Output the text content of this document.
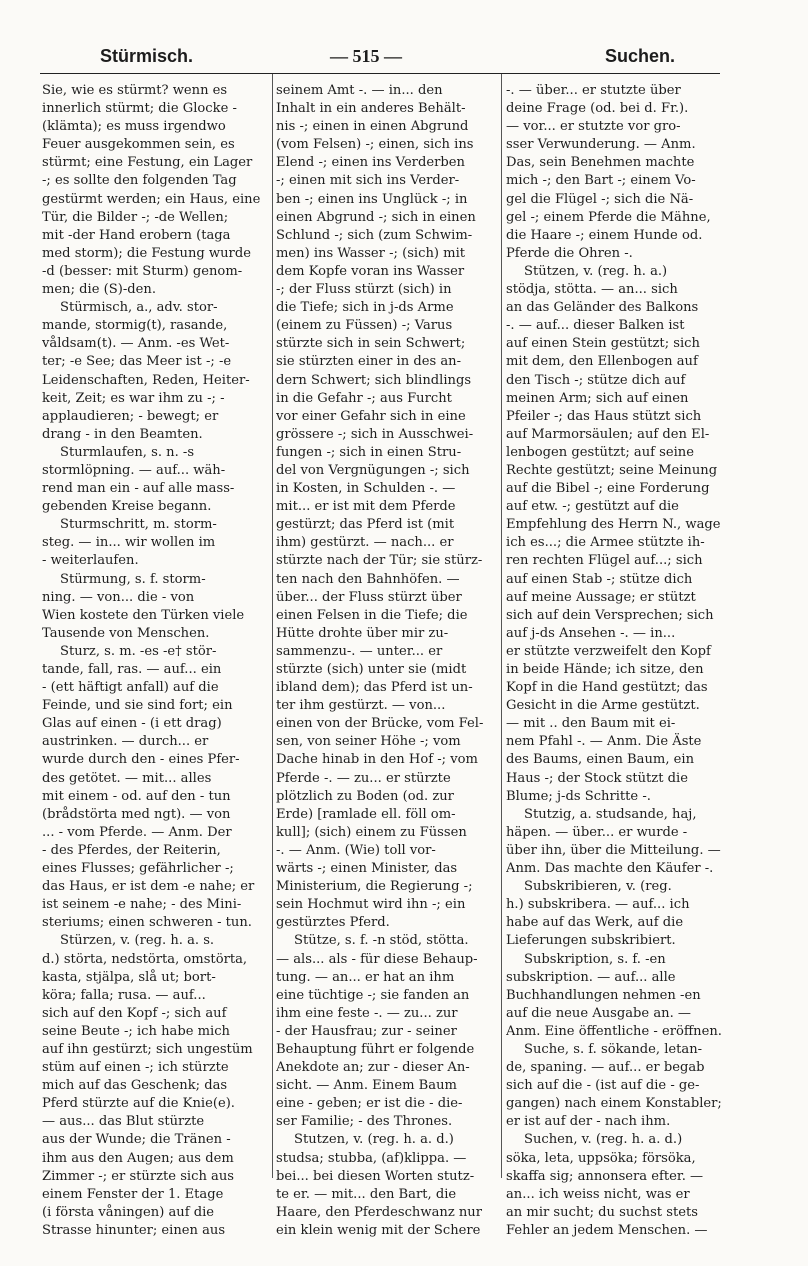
Stürmisch.	— 515 —	Suchen.
Sie, wie es stürmt? wenn es
innerlich stürmt; die Glocke -
(klämta); es muss irgendwo
Feuer ausgekommen sein, es
stürmt; eine Festung, ein Lager
-; es sollte den folgenden Tag
gestürmt werden; ein Haus, eine
Tür, die Bilder -; -de Wellen;
mit -der Hand erobern (taga
med storm); die Festung wurde
-d (besser: mit Sturm) genom-
men; die (S)-den.
Stürmisch, a., adv. stor-
mande, stormig(t), rasande,
våldsam(t). — Anm. -es Wet-
ter; -e See; das Meer ist -; -e
Leidenschaften, Reden, Heiter-
keit, Zeit; es war ihm zu -; -
applaudieren; - bewegt; er
drang - in den Beamten.
Sturmlaufen, s. n. -s
stormlöpning. — auf... wäh-
rend man ein - auf alle mass-
gebenden Kreise begann.
Sturmschritt, m. storm-
steg. — in... wir wollen im
- weiterlaufen.
Stürmung, s. f. storm-
ning. — von... die - von
Wien kostete den Türken viele
Tausende von Menschen.
Sturz, s. m. -es -e† stör-
tande, fall, ras. — auf... ein
- (ett häftigt anfall) auf die
Feinde, und sie sind fort; ein
Glas auf einen - (i ett drag)
austrinken. — durch... er
wurde durch den - eines Pfer-
des getötet. — mit... alles
mit einem - od. auf den - tun
(brådstörta med ngt). — von
... - vom Pferde. — Anm. Der
- des Pferdes, der Reiterin,
eines Flusses; gefährlicher -;
das Haus, er ist dem -e nahe; er
ist seinem -e nahe; - des Mini-
steriums; einen schweren - tun.
Stürzen, v. (reg. h. a. s.
d.) störta, nedstörta, omstörta,
kasta, stjälpa, slå ut; bort-
köra; falla; rusa. — auf...
sich auf den Kopf -; sich auf
seine Beute -; ich habe mich
auf ihn gestürzt; sich ungestüm
stüm auf einen -; ich stürzte
mich auf das Geschenk; das
Pferd stürzte auf die Knie(e).
— aus... das Blut stürzte
aus der Wunde; die Tränen -
ihm aus den Augen; aus dem
Zimmer -; er stürzte sich aus
einem Fenster der 1. Etage
(i första våningen) auf die
Strasse hinunter; einen aus
seinem Amt -. — in... den
Inhalt in ein anderes Behält-
nis -; einen in einen Abgrund
(vom Felsen) -; einen, sich ins
Elend -; einen ins Verderben
-; einen mit sich ins Verder-
ben -; einen ins Unglück -; in
einen Abgrund -; sich in einen
Schlund -; sich (zum Schwim-
men) ins Wasser -; (sich) mit
dem Kopfe voran ins Wasser
-; der Fluss stürzt (sich) in
die Tiefe; sich in j-ds Arme
(einem zu Füssen) -; Varus
stürzte sich in sein Schwert;
sie stürzten einer in des an-
dern Schwert; sich blindlings
in die Gefahr -; aus Furcht
vor einer Gefahr sich in eine
grössere -; sich in Ausschwei-
fungen -; sich in einen Stru-
del von Vergnügungen -; sich
in Kosten, in Schulden -. —
mit... er ist mit dem Pferde
gestürzt; das Pferd ist (mit
ihm) gestürzt. — nach... er
stürzte nach der Tür; sie stürz-
ten nach den Bahnhöfen. —
über... der Fluss stürzt über
einen Felsen in die Tiefe; die
Hütte drohte über mir zu-
sammenzu-. — unter... er
stürzte (sich) unter sie (midt
ibland dem); das Pferd ist un-
ter ihm gestürzt. — von...
einen von der Brücke, vom Fel-
sen, von seiner Höhe -; vom
Dache hinab in den Hof -; vom
Pferde -. — zu... er stürzte
plötzlich zu Boden (od. zur
Erde) [ramlade ell. föll om-
kull]; (sich) einem zu Füssen
-. — Anm. (Wie) toll vor-
wärts -; einen Minister, das
Ministerium, die Regierung -;
sein Hochmut wird ihn -; ein
gestürztes Pferd.
Stütze, s. f. -n stöd, stötta.
— als... als - für diese Behaup-
tung. — an... er hat an ihm
eine tüchtige -; sie fanden an
ihm eine feste -. — zu... zur
- der Hausfrau; zur - seiner
Behauptung führt er folgende
Anekdote an; zur - dieser An-
sicht. — Anm. Einem Baum
eine - geben; er ist die - die-
ser Familie; - des Thrones.
Stutzen, v. (reg. h. a. d.)
studsa; stubba, (af)klippa. —
bei... bei diesen Worten stutz-
te er. — mit... den Bart, die
Haare, den Pferdeschwanz nur
ein klein wenig mit der Schere
-. — über... er stutzte über
deine Frage (od. bei d. Fr.).
— vor... er stutzte vor gro-
sser Verwunderung. — Anm.
Das, sein Benehmen machte
mich -; den Bart -; einem Vo-
gel die Flügel -; sich die Nä-
gel -; einem Pferde die Mähne,
die Haare -; einem Hunde od.
Pferde die Ohren -.
Stützen, v. (reg. h. a.)
stödja, stötta. — an... sich
an das Geländer des Balkons
-. — auf... dieser Balken ist
auf einen Stein gestützt; sich
mit dem, den Ellenbogen auf
den Tisch -; stütze dich auf
meinen Arm; sich auf einen
Pfeiler -; das Haus stützt sich
auf Marmorsäulen; auf den El-
lenbogen gestützt; auf seine
Rechte gestützt; seine Meinung
auf die Bibel -; eine Forderung
auf etw. -; gestützt auf die
Empfehlung des Herrn N., wage
ich es...; die Armee stützte ih-
ren rechten Flügel auf...; sich
auf einen Stab -; stütze dich
auf meine Aussage; er stützt
sich auf dein Versprechen; sich
auf j-ds Ansehen -. — in...
er stützte verzweifelt den Kopf
in beide Hände; ich sitze, den
Kopf in die Hand gestützt; das
Gesicht in die Arme gestützt.
— mit .. den Baum mit ei-
nem Pfahl -. — Anm. Die Äste
des Baums, einen Baum, ein
Haus -; der Stock stützt die
Blume; j-ds Schritte -.
Stutzig, a. studsande, haj,
häpen. — über... er wurde -
über ihn, über die Mitteilung. —
Anm. Das machte den Käufer -.
Subskribieren, v. (reg.
h.) subskribera. — auf... ich
habe auf das Werk, auf die
Lieferungen subskribiert.
Subskription, s. f. -en
subskription. — auf... alle
Buchhandlungen nehmen -en
auf die neue Ausgabe an. —
Anm. Eine öffentliche - eröffnen.
Suche, s. f. sökande, letan-
de, spaning. — auf... er begab
sich auf die - (ist auf die - ge-
gangen) nach einem Konstabler;
er ist auf der - nach ihm.
Suchen, v. (reg. h. a. d.)
söka, leta, uppsöka; försöka,
skaffa sig; annonsera efter. —
an... ich weiss nicht, was er
an mir sucht; du suchst stets
Fehler an jedem Menschen. —
